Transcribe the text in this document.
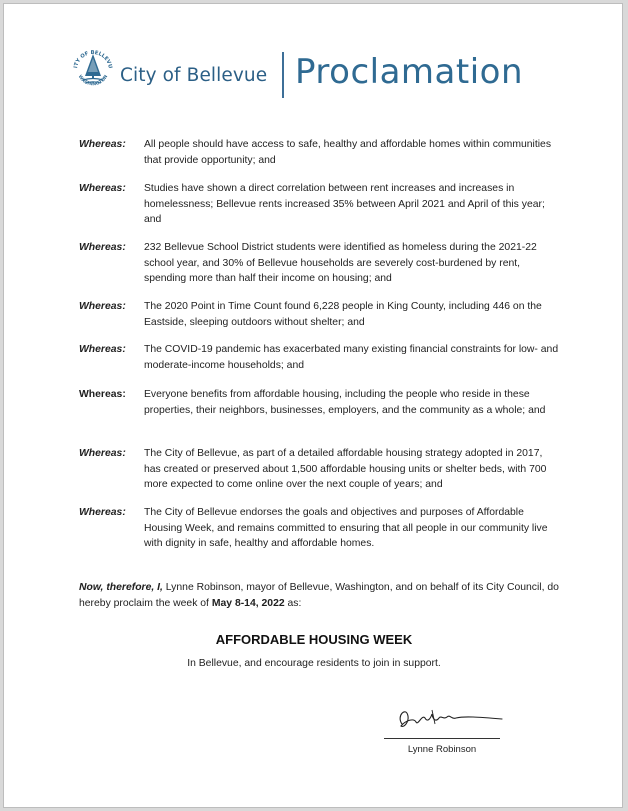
ITY OF BELLEVU
WASHINGTON City of Bellevue Proclamation
Whereas: All people should have access to safe, healthy and affordable homes within communities that provide opportunity; and
Whereas: Studies have shown a direct correlation between rent increases and increases in homelessness; Bellevue rents increased 35% between April 2021 and April of this year; and
Whereas: 232 Bellevue School District students were identified as homeless during the 2021-22 school year, and 30% of Bellevue households are severely cost-burdened by rent, spending more than half their income on housing; and
Whereas: The 2020 Point in Time Count found 6,228 people in King County, including 446 on the Eastside, sleeping outdoors without shelter; and
Whereas: The COVID-19 pandemic has exacerbated many existing financial constraints for low- and moderate-income households; and
Whereas: Everyone benefits from affordable housing, including the people who reside in these properties, their neighbors, businesses, employers, and the community as a whole; and
Whereas: The City of Bellevue, as part of a detailed affordable housing strategy adopted in 2017, has created or preserved about 1,500 affordable housing units or shelter beds, with 700 more expected to come online over the next couple of years; and
Whereas: The City of Bellevue endorses the goals and objectives and purposes of Affordable Housing Week, and remains committed to ensuring that all people in our community live with dignity in safe, healthy and affordable homes.
Now, therefore, I, Lynne Robinson, mayor of Bellevue, Washington, and on behalf of its City Council, do hereby proclaim the week of May 8-14, 2022 as:
AFFORDABLE HOUSING WEEK
In Bellevue, and encourage residents to join in support.
Lynne Robinson
